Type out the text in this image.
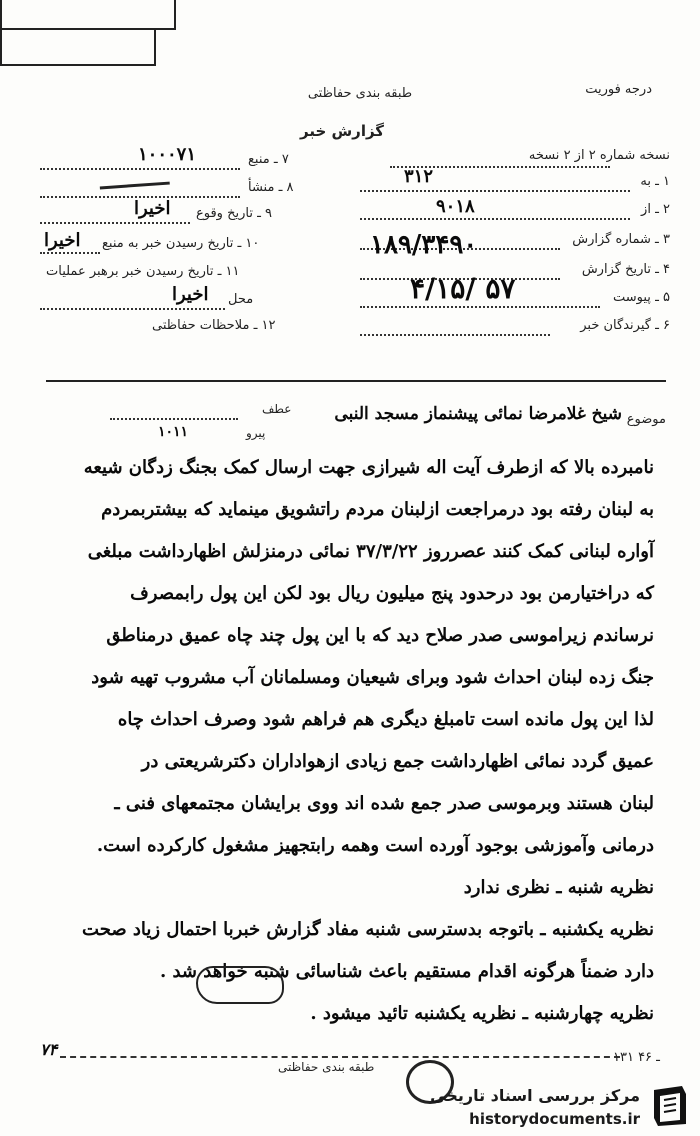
درجه فوریت
طبقه بندی حفاظتی
گزارش خبر
نسخه شماره ۲ از ۲ نسخه
۱ ـ به
۳۱۲
۲ ـ از
۹۰۱۸
۳ ـ شماره گزارش
۱۸۹/۳۴۹۰
۴ ـ تاریخ گزارش
۴/۱۵/ ۵۷	۵ ـ پیوست
۶ ـ گیرندگان خبر
۷ ـ منبع
۱۰۰۰۷۱
۸ ـ منشأ
۹ ـ تاریخ وقوع
اخیرا
۱۰ ـ تاریخ رسیدن خبر به منبع
اخیرا
۱۱ ـ تاریخ رسیدن خبر برهبر عملیات
محل
اخیرا
۱۲ ـ ملاحظات حفاظتی
موضوع
شیخ غلامرضا نمائی پیشنماز مسجد النبی
عطف
پیرو
۱۰۱۱
نامبرده بالا که ازطرف آیت اله شیرازی جهت ارسال کمک بجنگ زدگان شیعه
به لبنان رفته بود درمراجعت ازلبنان مردم راتشویق مینماید که بیشتربمردم
آواره لبنانی کمک کنند عصرروز ۳۷/۳/۲۲ نمائی درمنزلش اظهارداشت مبلغی
که دراختیارمن بود درحدود پنج میلیون ریال بود لکن این پول رابمصرف
نرساندم زیراموسی صدر صلاح دید که با این پول چند چاه عمیق درمناطق
جنگ زده لبنان احداث شود وبرای شیعیان ومسلمانان آب مشروب تهیه شود
لذا این پول مانده است تامبلغ دیگری هم فراهم شود وصرف احداث چاه
عمیق گردد نمائی اظهارداشت جمع زیادی ازهواداران دکترشریعتی در
لبنان هستند وبرموسی صدر جمع شده اند ووی برایشان مجتمعهای فنی ـ
درمانی وآموزشی بوجود آورده است وهمه رابتجهیز مشغول کارکرده است.
نظریه شنبه ـ نظری ندارد
نظریه یکشنبه ـ باتوجه بدسترسی شنبه مفاد گزارش خبربا احتمال زیاد صحت
دارد ضمناً هرگونه اقدام مستقیم باعث شناسائی شنبه خواهد شد .
نظریه چهارشنبه ـ نظریه یکشنبه تائید میشود .
۷۴
طبقه بندی حفاظتی
۱۳۱ ـ ۴۶
مرکز بررسی اسناد تاریخی
historydocuments.ir
